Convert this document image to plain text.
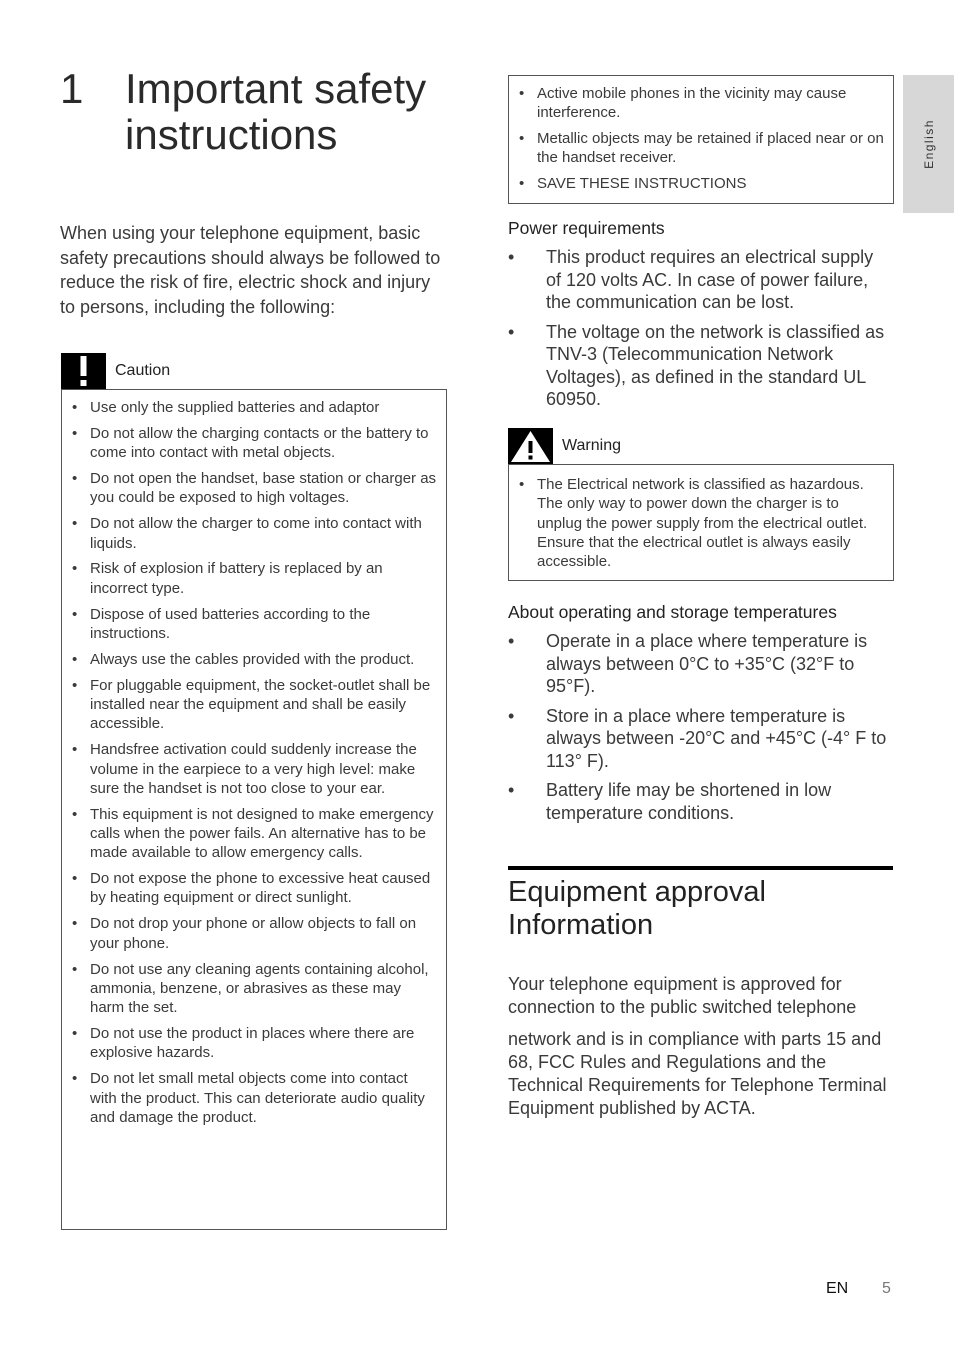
1 Important safety instructions
When using your telephone equipment, basic safety precautions should always be followed to reduce the risk of fire, electric shock and injury to persons, including the following:
Caution
• Use only the supplied batteries and adaptor
• Do not allow the charging contacts or the battery to come into contact with metal objects.
• Do not open the handset, base station or charger as you could be exposed to high voltages.
• Do not allow the charger to come into contact with liquids.
• Risk of explosion if battery is replaced by an incorrect type.
• Dispose of used batteries according to the instructions.
• Always use the cables provided with the product.
• For pluggable equipment, the socket-outlet shall be installed near the equipment and shall be easily accessible.
• Handsfree activation could suddenly increase the volume in the earpiece to a very high level: make sure the handset is not too close to your ear.
• This equipment is not designed to make emergency calls when the power fails. An alternative has to be made available to allow emergency calls.
• Do not expose the phone to excessive heat caused by heating equipment or direct sunlight.
• Do not drop your phone or allow objects to fall on your phone.
• Do not use any cleaning agents containing alcohol, ammonia, benzene, or abrasives as these may harm the set.
• Do not use the product in places where there are explosive hazards.
• Do not let small metal objects come into contact with the product. This can deteriorate audio quality and damage the product.
• Active mobile phones in the vicinity may cause interference.
• Metallic objects may be retained if placed near or on the handset receiver.
• SAVE THESE INSTRUCTIONS
Power requirements
• This product requires an electrical supply of 120 volts AC. In case of power failure, the communication can be lost.
• The voltage on the network is classified as TNV-3 (Telecommunication Network Voltages), as defined in the standard UL 60950.
Warning
• The Electrical network is classified as hazardous. The only way to power down the charger is to unplug the power supply from the electrical outlet. Ensure that the electrical outlet is always easily accessible.
About operating and storage temperatures
• Operate in a place where temperature is always between 0°C to +35°C (32°F to 95°F).
• Store in a place where temperature is always between -20°C and +45°C (-4° F to 113° F).
• Battery life may be shortened in low temperature conditions.
Equipment approval Information
Your telephone equipment is approved for connection to the public switched telephone
network and is in compliance with parts 15 and 68, FCC Rules and Regulations and the Technical Requirements for Telephone Terminal Equipment published by ACTA.
English
EN 5
